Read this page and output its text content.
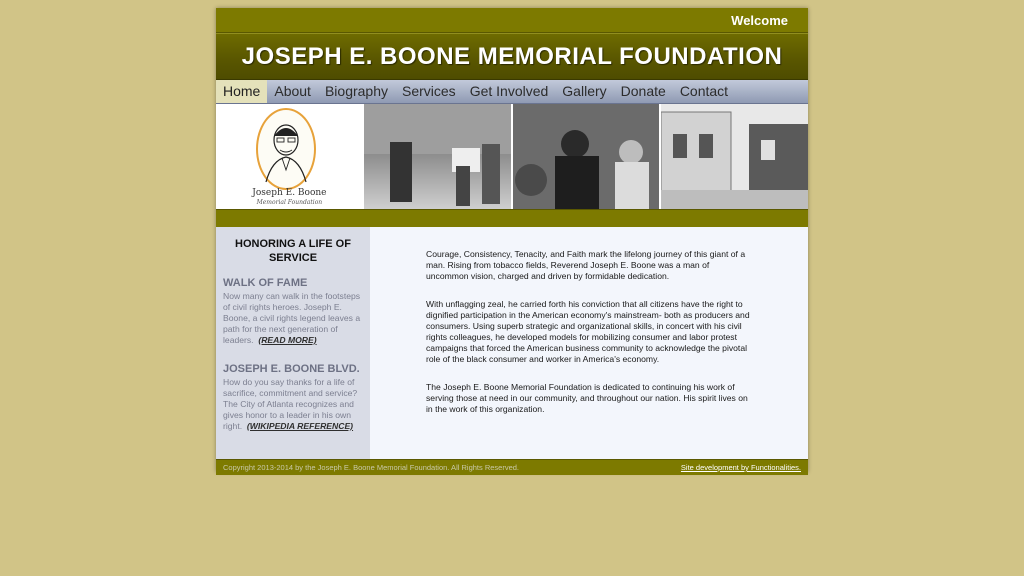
Welcome
JOSEPH E. BOONE MEMORIAL FOUNDATION
Home	About	Biography	Services	Get Involved	Gallery	Donate	Contact
Joseph E. Boone
Memorial Foundation
HONORING A LIFE OF SERVICE
WALK OF FAME
Now many can walk in the footsteps of civil rights heroes. Joseph E. Boone, a civil rights legend leaves a path for the next generation of leaders. (READ MORE)
JOSEPH E. BOONE BLVD.
How do you say thanks for a life of sacrifice, commitment and service? The City of Atlanta recognizes and gives honor to a leader in his own right. (WIKIPEDIA REFERENCE)

Courage, Consistency, Tenacity, and Faith mark the lifelong journey of this giant of a man. Rising from tobacco fields, Reverend Joseph E. Boone was a man of uncommon vision, charged and driven by formidable dedication.

With unflagging zeal, he carried forth his conviction that all citizens have the right to dignified participation in the American economy's mainstream- both as producers and consumers. Using superb strategic and organizational skills, in concert with his civil rights colleagues, he developed models for mobilizing consumer and labor protest campaigns that forced the American business community to acknowledge the pivotal role of the black consumer and worker in America's economy.

The Joseph E. Boone Memorial Foundation is dedicated to continuing his work of serving those at need in our community, and throughout our nation. His spirit lives on in the work of this organization.

Copyright 2013-2014 by the Joseph E. Boone Memorial Foundation. All Rights Reserved.	Site development by Functionalities.
